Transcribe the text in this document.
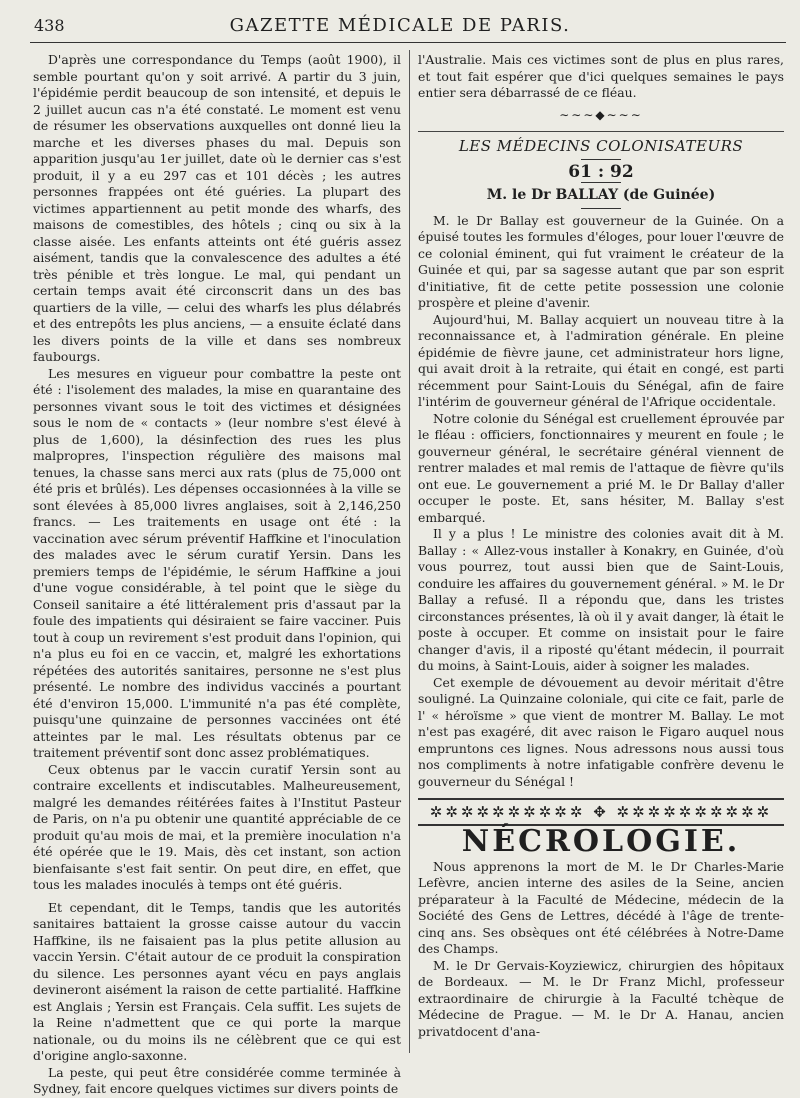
438	GAZETTE MÉDICALE DE PARIS.

D'après une correspondance du Temps (août 1900), il semble pourtant qu'on y soit arrivé. A partir du 3 juin, l'épidémie perdit beaucoup de son intensité, et depuis le 2 juillet aucun cas n'a été constaté. Le moment est venu de résumer les observations auxquelles ont donné lieu la marche et les diverses phases du mal. Depuis son apparition jusqu'au 1er juillet, date où le dernier cas s'est produit, il y a eu 297 cas et 101 décès ; les autres personnes frappées ont été guéries. La plupart des victimes appartiennent au petit monde des wharfs, des maisons de comestibles, des hôtels ; cinq ou six à la classe aisée. Les enfants atteints ont été guéris assez aisément, tandis que la convalescence des adultes a été très pénible et très longue. Le mal, qui pendant un certain temps avait été circonscrit dans un des bas quartiers de la ville, — celui des wharfs les plus délabrés et des entrepôts les plus anciens, — a ensuite éclaté dans les divers points de la ville et dans ses nombreux faubourgs.

Les mesures en vigueur pour combattre la peste ont été : l'isolement des malades, la mise en quarantaine des personnes vivant sous le toit des victimes et désignées sous le nom de « contacts » (leur nombre s'est élevé à plus de 1,600), la désinfection des rues les plus malpropres, l'inspection régulière des maisons mal tenues, la chasse sans merci aux rats (plus de 75,000 ont été pris et brûlés). Les dépenses occasionnées à la ville se sont élevées à 85,000 livres anglaises, soit à 2,146,250 francs. — Les traitements en usage ont été : la vaccination avec sérum préventif Haffkine et l'inoculation des malades avec le sérum curatif Yersin. Dans les premiers temps de l'épidémie, le sérum Haffkine a joui d'une vogue considérable, à tel point que le siège du Conseil sanitaire a été littéralement pris d'assaut par la foule des impatients qui désiraient se faire vacciner. Puis tout à coup un revirement s'est produit dans l'opinion, qui n'a plus eu foi en ce vaccin, et, malgré les exhortations répétées des autorités sanitaires, personne ne s'est plus présenté. Le nombre des individus vaccinés a pourtant été d'environ 15,000. L'immunité n'a pas été complète, puisqu'une quinzaine de personnes vaccinées ont été atteintes par le mal. Les résultats obtenus par ce traitement préventif sont donc assez problématiques.

Ceux obtenus par le vaccin curatif Yersin sont au contraire excellents et indiscutables. Malheureusement, malgré les demandes réitérées faites à l'Institut Pasteur de Paris, on n'a pu obtenir une quantité appréciable de ce produit qu'au mois de mai, et la première inoculation n'a été opérée que le 19. Mais, dès cet instant, son action bienfaisante s'est fait sentir. On peut dire, en effet, que tous les malades inoculés à temps ont été guéris.

Et cependant, dit le Temps, tandis que les autorités sanitaires battaient la grosse caisse autour du vaccin Haffkine, ils ne faisaient pas la plus petite allusion au vaccin Yersin. C'était autour de ce produit la conspiration du silence. Les personnes ayant vécu en pays anglais devineront aisément la raison de cette partialité. Haffkine est Anglais ; Yersin est Français. Cela suffit. Les sujets de la Reine n'admettent que ce qui porte la marque nationale, ou du moins ils ne célèbrent que ce qui est d'origine anglo-saxonne.

La peste, qui peut être considérée comme terminée à Sydney, fait encore quelques victimes sur divers points de

l'Australie. Mais ces victimes sont de plus en plus rares, et tout fait espérer que d'ici quelques semaines le pays entier sera débarrassé de ce fléau.

∼∼∼◆∼∼∼
LES MÉDECINS COLONISATEURS
61 : 92
M. le Dr BALLAY (de Guinée)

M. le Dr Ballay est gouverneur de la Guinée. On a épuisé toutes les formules d'éloges, pour louer l'œuvre de ce colonial éminent, qui fut vraiment le créateur de la Guinée et qui, par sa sagesse autant que par son esprit d'initiative, fit de cette petite possession une colonie prospère et pleine d'avenir.

Aujourd'hui, M. Ballay acquiert un nouveau titre à la reconnaissance et, à l'admiration générale. En pleine épidémie de fièvre jaune, cet administrateur hors ligne, qui avait droit à la retraite, qui était en congé, est parti récemment pour Saint-Louis du Sénégal, afin de faire l'intérim de gouverneur général de l'Afrique occidentale.

Notre colonie du Sénégal est cruellement éprouvée par le fléau : officiers, fonctionnaires y meurent en foule ; le gouverneur général, le secrétaire général viennent de rentrer malades et mal remis de l'attaque de fièvre qu'ils ont eue. Le gouvernement a prié M. le Dr Ballay d'aller occuper le poste. Et, sans hésiter, M. Ballay s'est embarqué.

Il y a plus ! Le ministre des colonies avait dit à M. Ballay : « Allez-vous installer à Konakry, en Guinée, d'où vous pourrez, tout aussi bien que de Saint-Louis, conduire les affaires du gouvernement général. » M. le Dr Ballay a refusé. Il a répondu que, dans les tristes circonstances présentes, là où il y avait danger, là était le poste à occuper. Et comme on insistait pour le faire changer d'avis, il a riposté qu'étant médecin, il pourrait du moins, à Saint-Louis, aider à soigner les malades.

Cet exemple de dévouement au devoir méritait d'être souligné. La Quinzaine coloniale, qui cite ce fait, parle de l' « héroïsme » que vient de montrer M. Ballay. Le mot n'est pas exagéré, dit avec raison le Figaro auquel nous empruntons ces lignes. Nous adressons nous aussi tous nos compliments à notre infatigable confrère devenu le gouverneur du Sénégal !

✲✲✲✲✲✲✲✲✲✲ ✥ ✲✲✲✲✲✲✲✲✲✲
NÉCROLOGIE.

Nous apprenons la mort de M. le Dr Charles-Marie Lefèvre, ancien interne des asiles de la Seine, ancien préparateur à la Faculté de Médecine, médecin de la Société des Gens de Lettres, décédé à l'âge de trente-cinq ans. Ses obsèques ont été célébrées à Notre-Dame des Champs.

M. le Dr Gervais-Koyziewicz, chirurgien des hôpitaux de Bordeaux. — M. le Dr Franz Michl, professeur extraordinaire de chirurgie à la Faculté tchèque de Médecine de Prague. — M. le Dr A. Hanau, ancien privatdocent d'ana-
